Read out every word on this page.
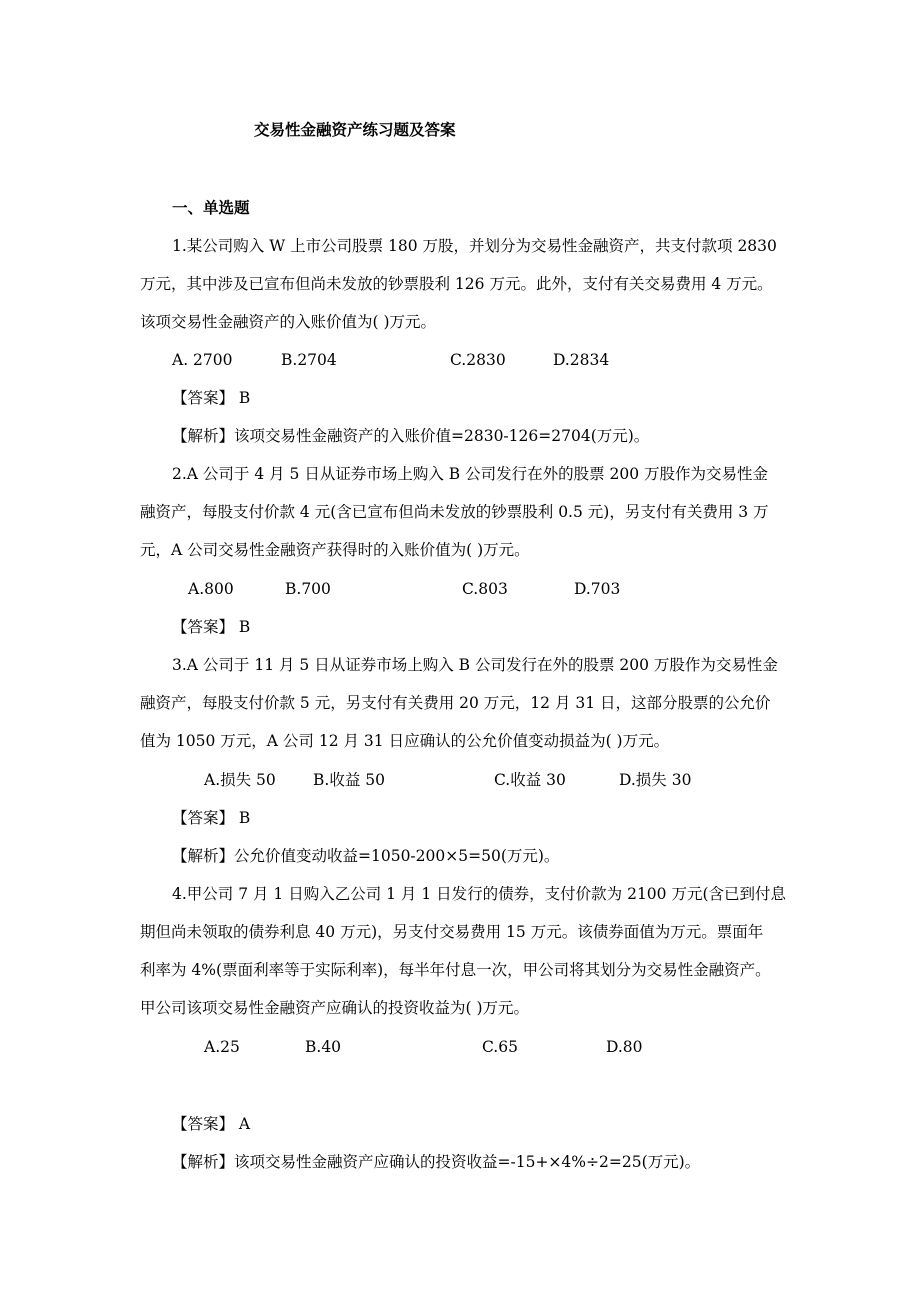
交易性金融资产练习题及答案
一、单选题
1.某公司购入 W 上市公司股票 180 万股，并划分为交易性金融资产，共支付款项 2830
万元，其中涉及已宣布但尚未发放的钞票股利 126 万元。此外，支付有关交易费用 4 万元。
该项交易性金融资产的入账价值为( )万元。
A. 2700	B.2704	C.2830	D.2834
【答案】 B
【解析】该项交易性金融资产的入账价值=2830-126=2704(万元)。
2.A 公司于 4 月 5 日从证券市场上购入 B 公司发行在外的股票 200 万股作为交易性金
融资产，每股支付价款 4 元(含已宣布但尚未发放的钞票股利 0.5 元)，另支付有关费用 3 万
元，A 公司交易性金融资产获得时的入账价值为( )万元。
A.800	B.700	C.803	D.703
【答案】 B
3.A 公司于 11 月 5 日从证券市场上购入 B 公司发行在外的股票 200 万股作为交易性金
融资产，每股支付价款 5 元，另支付有关费用 20 万元，12 月 31 日，这部分股票的公允价
值为 1050 万元，A 公司 12 月 31 日应确认的公允价值变动损益为( )万元。
A.损失 50 B.收益 50	C.收益 30	D.损失 30
【答案】 B
【解析】公允价值变动收益=1050-200×5=50(万元)。
4.甲公司 7 月 1 日购入乙公司 1 月 1 日发行的债券，支付价款为 2100 万元(含已到付息
期但尚未领取的债券利息 40 万元)，另支付交易费用 15 万元。该债券面值为万元。票面年
利率为 4%(票面利率等于实际利率)，每半年付息一次，甲公司将其划分为交易性金融资产。
甲公司该项交易性金融资产应确认的投资收益为( )万元。
A.25	B.40	C.65	D.80
【答案】 A
【解析】该项交易性金融资产应确认的投资收益=-15+×4%÷2=25(万元)。
